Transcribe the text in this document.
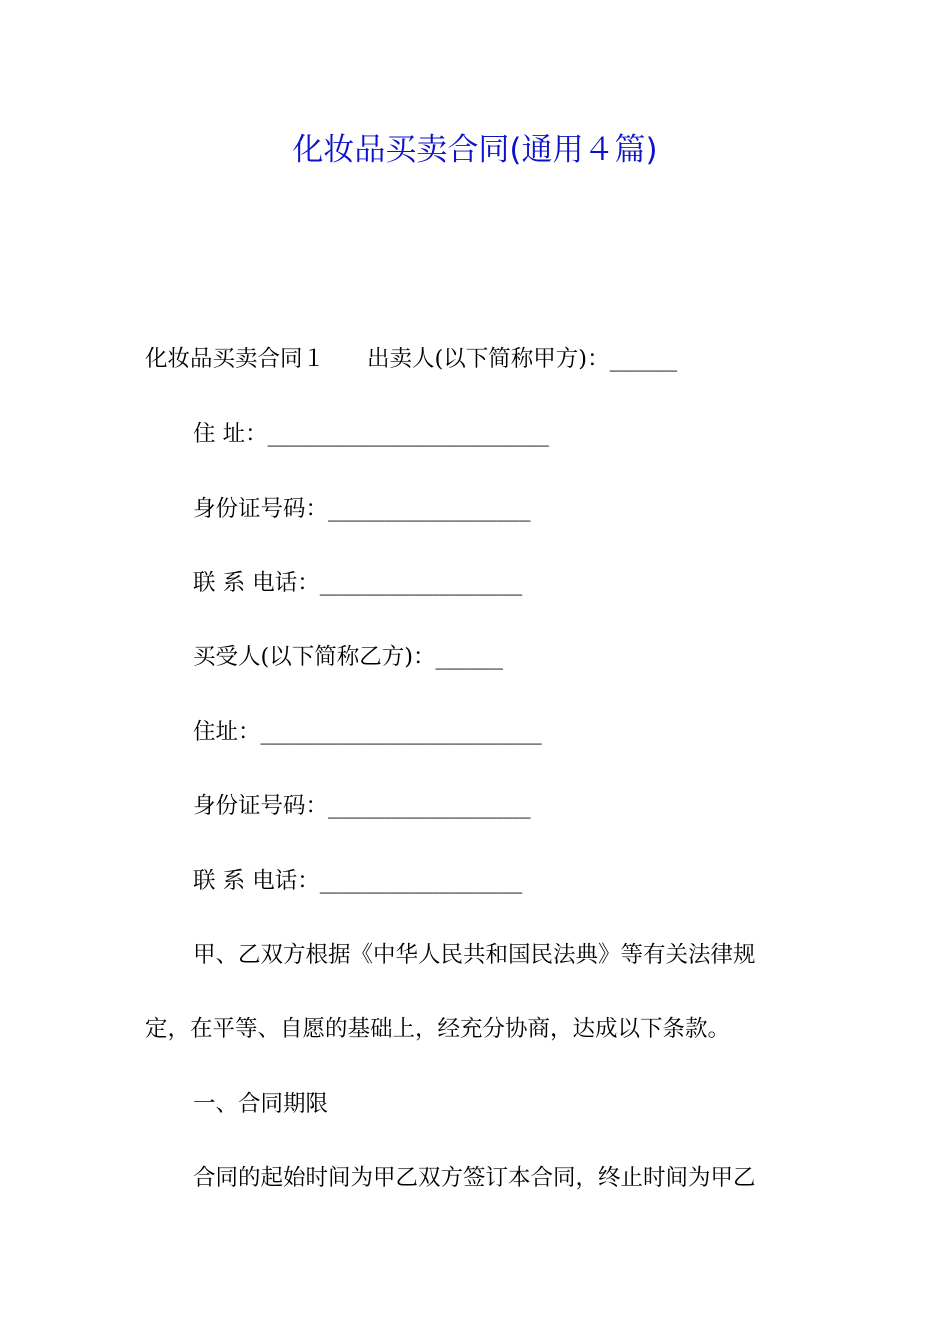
化妆品买卖合同(通用４篇)
化妆品买卖合同１ 出卖人(以下简称甲方)：______
住 址：_________________________
身份证号码：__________________
联 系 电话：__________________
买受人(以下简称乙方)：______
住址：_________________________
身份证号码：__________________
联 系 电话：__________________
甲、乙双方根据《中华人民共和国民法典》等有关法律规
定，在平等、自愿的基础上，经充分协商，达成以下条款。
一、合同期限
合同的起始时间为甲乙双方签订本合同，终止时间为甲乙
